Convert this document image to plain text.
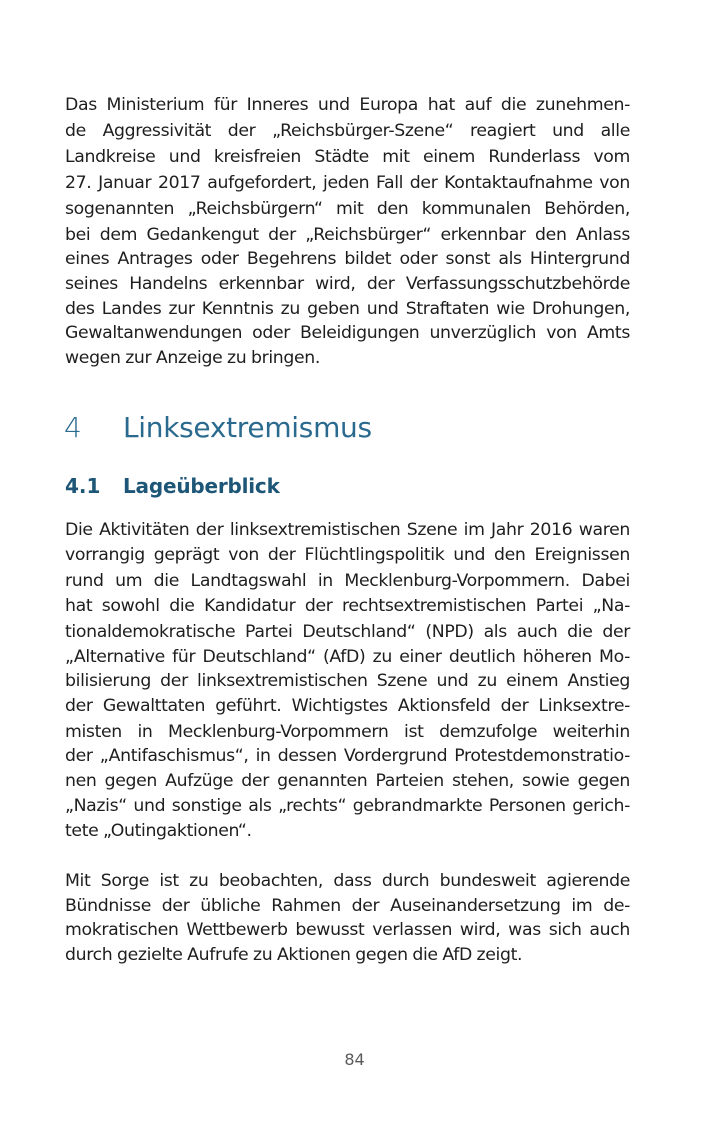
Das Ministerium für Inneres und Europa hat auf die zunehmen-
de Aggressivität der „Reichsbürger-Szene“ reagiert und alle
Landkreise und kreisfreien Städte mit einem Runderlass vom
27. Januar 2017 aufgefordert, jeden Fall der Kontaktaufnahme von
sogenannten „Reichsbürgern“ mit den kommunalen Behörden,
bei dem Gedankengut der „Reichsbürger“ erkennbar den Anlass
eines Antrages oder Begehrens bildet oder sonst als Hintergrund
seines Handelns erkennbar wird, der Verfassungsschutzbehörde
des Landes zur Kenntnis zu geben und Straftaten wie Drohungen,
Gewaltanwendungen oder Beleidigungen unverzüglich von Amts
wegen zur Anzeige zu bringen.
4 Linksextremismus
4.1 Lageüberblick
Die Aktivitäten der linksextremistischen Szene im Jahr 2016 waren
vorrangig geprägt von der Flüchtlingspolitik und den Ereignissen
rund um die Landtagswahl in Mecklenburg-Vorpommern. Dabei
hat sowohl die Kandidatur der rechtsextremistischen Partei „Na-
tionaldemokratische Partei Deutschland“ (NPD) als auch die der
„Alternative für Deutschland“ (AfD) zu einer deutlich höheren Mo-
bilisierung der linksextremistischen Szene und zu einem Anstieg
der Gewalttaten geführt. Wichtigstes Aktionsfeld der Linksextre-
misten in Mecklenburg-Vorpommern ist demzufolge weiterhin
der „Antifaschismus“, in dessen Vordergrund Protestdemonstratio-
nen gegen Aufzüge der genannten Parteien stehen, sowie gegen
„Nazis“ und sonstige als „rechts“ gebrandmarkte Personen gerich-
tete „Outingaktionen“.
Mit Sorge ist zu beobachten, dass durch bundesweit agierende
Bündnisse der übliche Rahmen der Auseinandersetzung im de-
mokratischen Wettbewerb bewusst verlassen wird, was sich auch
durch gezielte Aufrufe zu Aktionen gegen die AfD zeigt.
84
